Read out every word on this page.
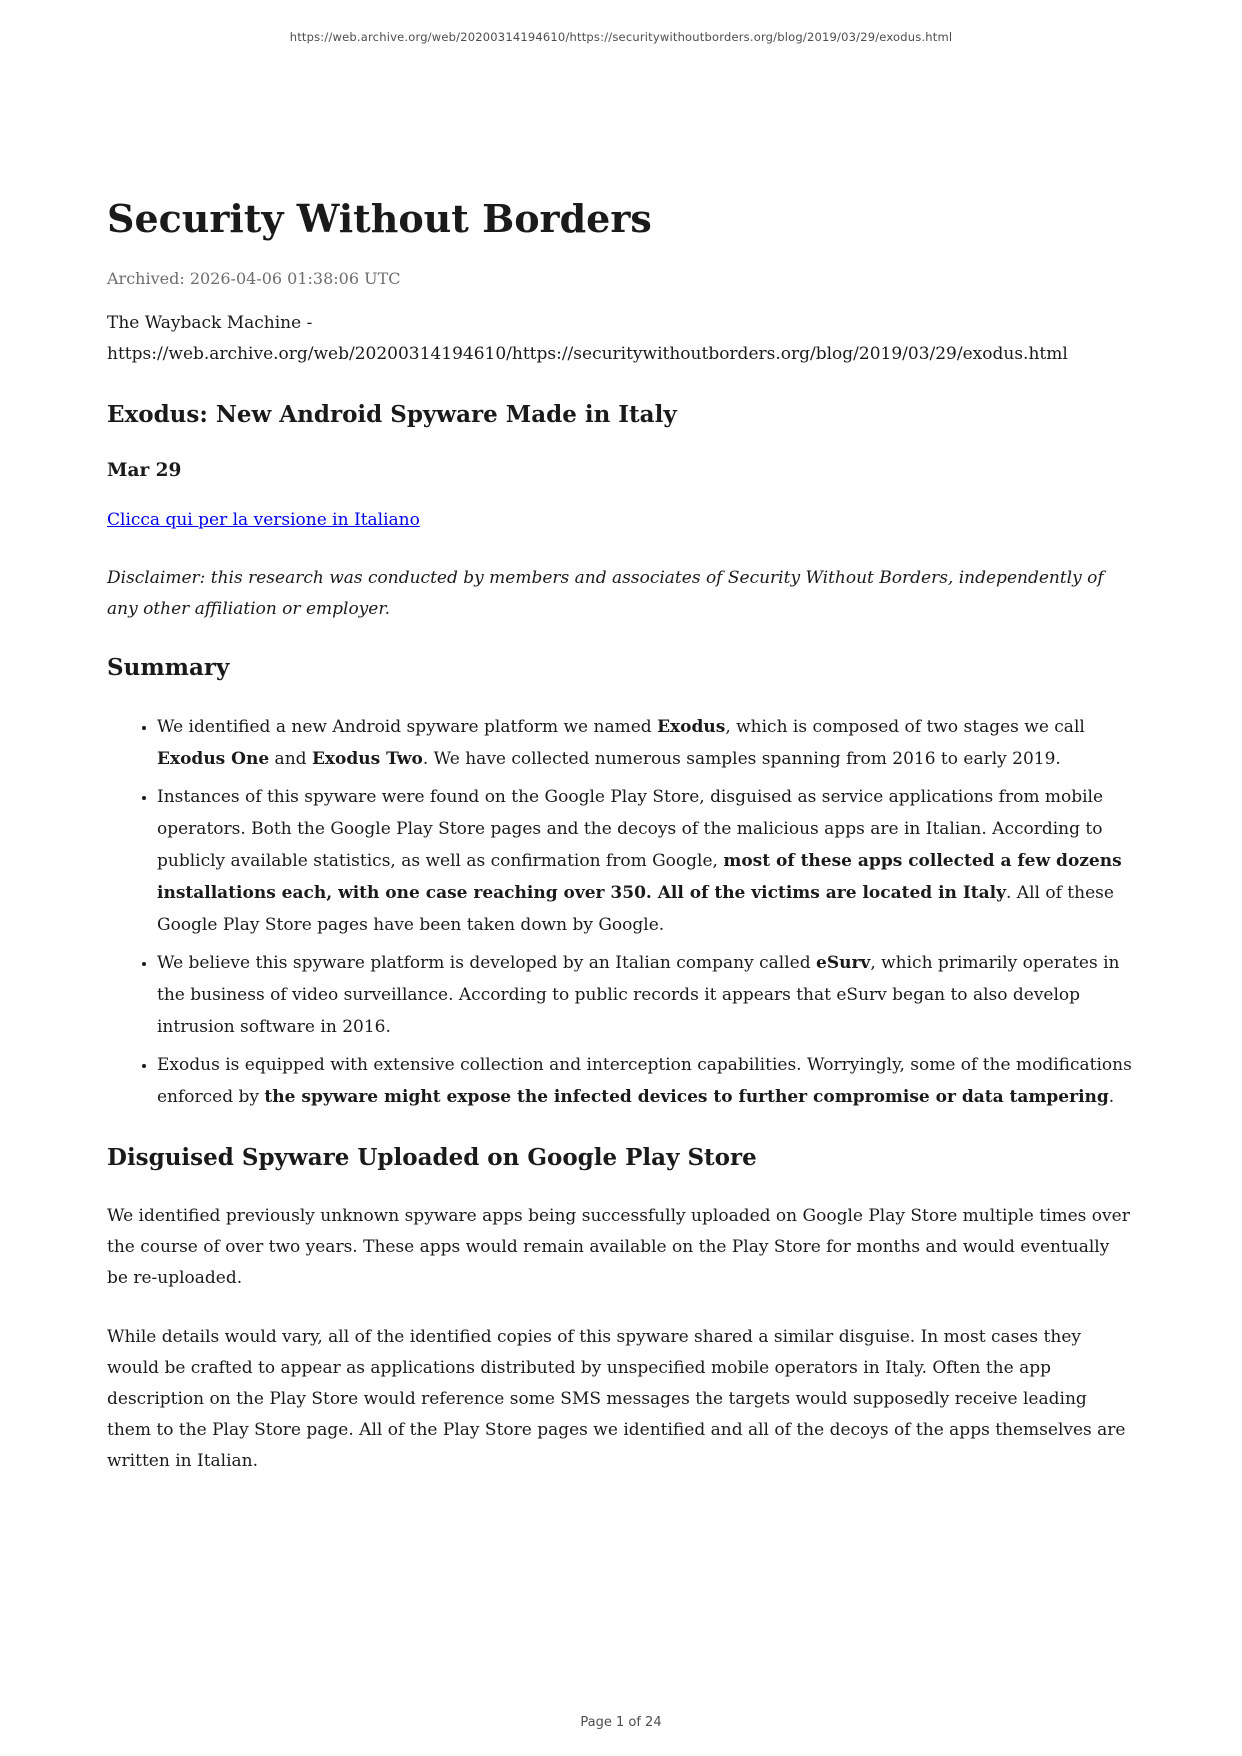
https://web.archive.org/web/20200314194610/https://securitywithoutborders.org/blog/2019/03/29/exodus.html
Security Without Borders

Archived: 2026-04-06 01:38:06 UTC

The Wayback Machine -
https://web.archive.org/web/20200314194610/https://securitywithoutborders.org/blog/2019/03/29/exodus.html

Exodus: New Android Spyware Made in Italy

Mar 29

Clicca qui per la versione in Italiano

Disclaimer: this research was conducted by members and associates of Security Without Borders, independently of any other affiliation or employer.

Summary
• We identified a new Android spyware platform we named Exodus, which is composed of two stages we call Exodus One and Exodus Two. We have collected numerous samples spanning from 2016 to early 2019.
• Instances of this spyware were found on the Google Play Store, disguised as service applications from mobile operators. Both the Google Play Store pages and the decoys of the malicious apps are in Italian. According to publicly available statistics, as well as confirmation from Google, most of these apps collected a few dozens installations each, with one case reaching over 350. All of the victims are located in Italy. All of these Google Play Store pages have been taken down by Google.
• We believe this spyware platform is developed by an Italian company called eSurv, which primarily operates in the business of video surveillance. According to public records it appears that eSurv began to also develop intrusion software in 2016.
• Exodus is equipped with extensive collection and interception capabilities. Worryingly, some of the modifications enforced by the spyware might expose the infected devices to further compromise or data tampering.
Disguised Spyware Uploaded on Google Play Store

We identified previously unknown spyware apps being successfully uploaded on Google Play Store multiple times over the course of over two years. These apps would remain available on the Play Store for months and would eventually be re-uploaded.

While details would vary, all of the identified copies of this spyware shared a similar disguise. In most cases they would be crafted to appear as applications distributed by unspecified mobile operators in Italy. Often the app description on the Play Store would reference some SMS messages the targets would supposedly receive leading them to the Play Store page. All of the Play Store pages we identified and all of the decoys of the apps themselves are written in Italian.

Page 1 of 24
